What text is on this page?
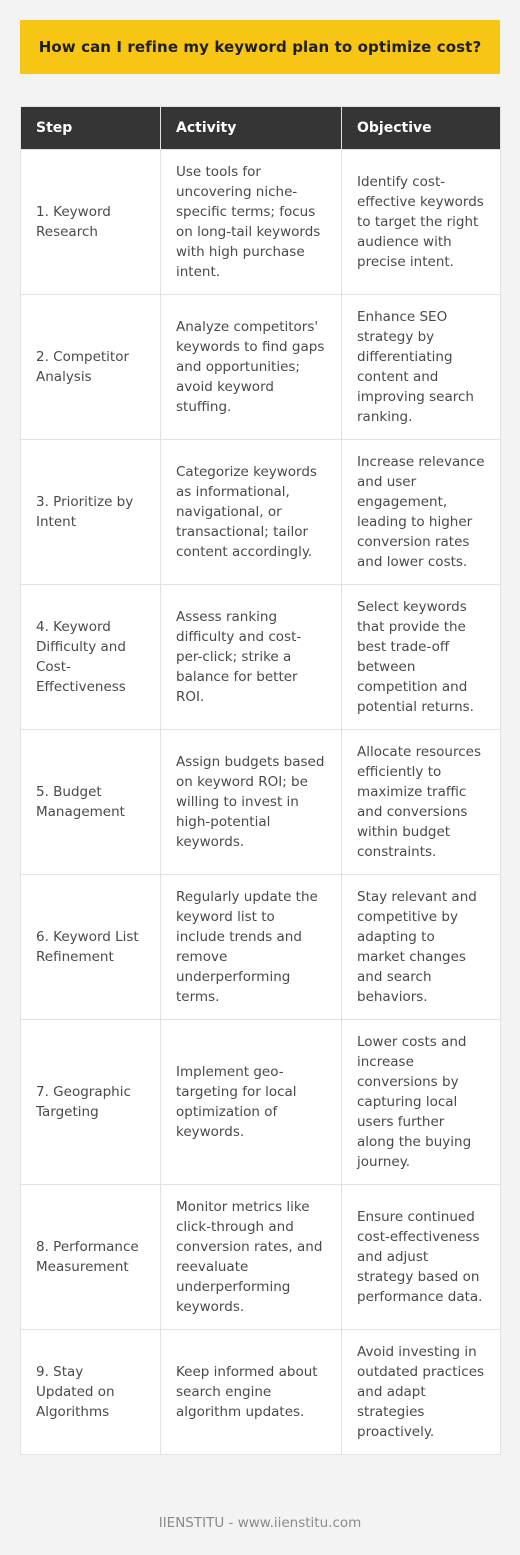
How can I refine my keyword plan to optimize cost?
Step	Activity	Objective
1. Keyword Research	Use tools for uncovering niche-specific terms; focus on long-tail keywords with high purchase intent.	Identify cost-effective keywords to target the right audience with precise intent.
2. Competitor Analysis	Analyze competitors' keywords to find gaps and opportunities; avoid keyword stuffing.	Enhance SEO strategy by differentiating content and improving search ranking.
3. Prioritize by Intent	Categorize keywords as informational, navigational, or transactional; tailor content accordingly.	Increase relevance and user engagement, leading to higher conversion rates and lower costs.
4. Keyword Difficulty and Cost-Effectiveness	Assess ranking difficulty and cost-per-click; strike a balance for better ROI.	Select keywords that provide the best trade-off between competition and potential returns.
5. Budget Management	Assign budgets based on keyword ROI; be willing to invest in high-potential keywords.	Allocate resources efficiently to maximize traffic and conversions within budget constraints.
6. Keyword List Refinement	Regularly update the keyword list to include trends and remove underperforming terms.	Stay relevant and competitive by adapting to market changes and search behaviors.
7. Geographic Targeting	Implement geo-targeting for local optimization of keywords.	Lower costs and increase conversions by capturing local users further along the buying journey.
8. Performance Measurement	Monitor metrics like click-through and conversion rates, and reevaluate underperforming keywords.	Ensure continued cost-effectiveness and adjust strategy based on performance data.
9. Stay Updated on Algorithms	Keep informed about search engine algorithm updates.	Avoid investing in outdated practices and adapt strategies proactively.
IIENSTITU - www.iienstitu.com
